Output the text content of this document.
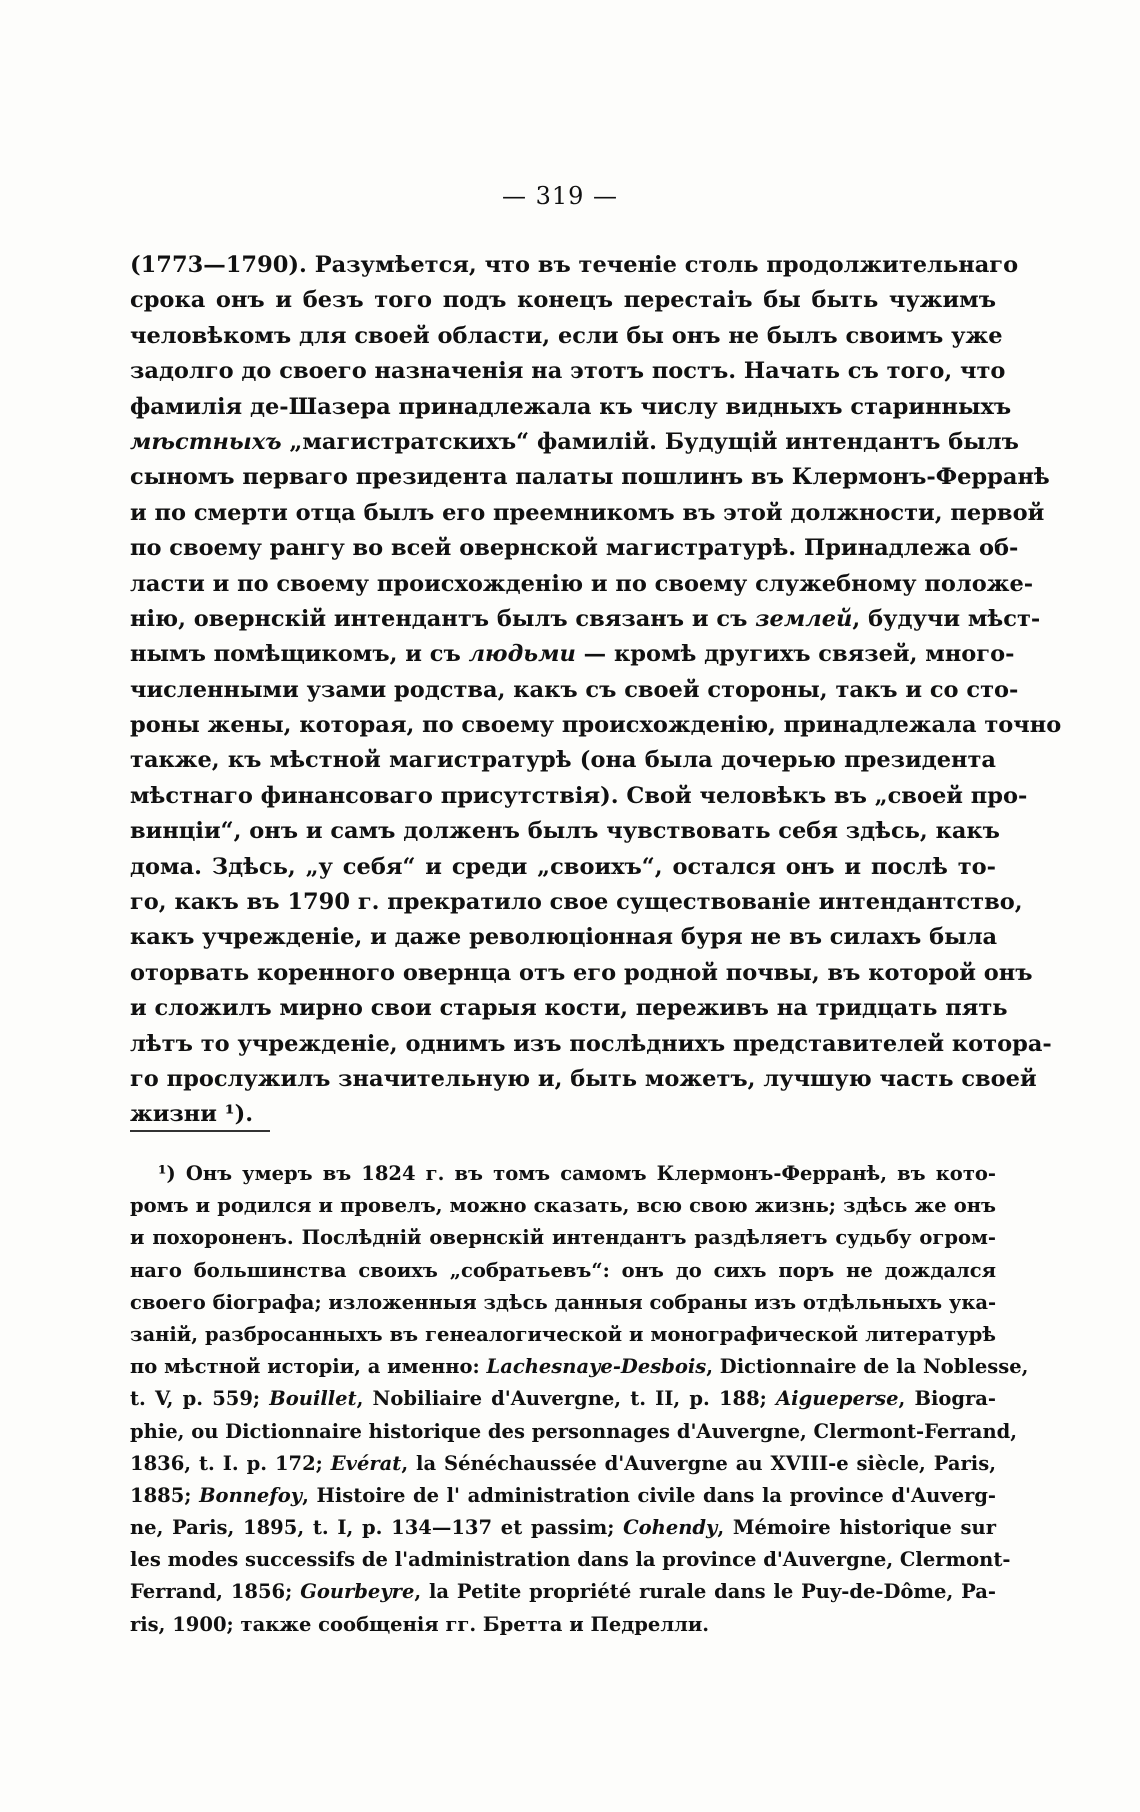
— 319 —
(1773—1790). Разумѣется, что въ теченіе столь продолжительнаго
срока онъ и безъ того подъ конецъ перестаіъ бы быть чужимъ
человѣкомъ для своей области, если бы онъ не былъ своимъ уже
задолго до своего назначенія на этотъ постъ. Начать съ того, что
фамилія де-Шазера принадлежала къ числу видныхъ старинныхъ
мѣстныхъ „магистратскихъ“ фамилій. Будущій интендантъ былъ
сыномъ перваго президента палаты пошлинъ въ Клермонъ-Ферранѣ
и по смерти отца былъ его преемникомъ въ этой должности, первой
по своему рангу во всей овернской магистратурѣ. Принадлежа об-
ласти и по своему происхожденію и по своему служебному положе-
нію, овернскій интендантъ былъ связанъ и съ землей, будучи мѣст-
нымъ помѣщикомъ, и съ людьми — кромѣ другихъ связей, много-
численными узами родства, какъ съ своей стороны, такъ и со сто-
роны жены, которая, по своему происхожденію, принадлежала точно
также, къ мѣстной магистратурѣ (она была дочерью президента
мѣстнаго финансоваго присутствія). Свой человѣкъ въ „своей про-
винціи“, онъ и самъ долженъ былъ чувствовать себя здѣсь, какъ
дома. Здѣсь, „у себя“ и среди „своихъ“, остался онъ и послѣ то-
го, какъ въ 1790 г. прекратило свое существованіе интендантство,
какъ учрежденіе, и даже революціонная буря не въ силахъ была
оторвать коренного овернца отъ его родной почвы, въ которой онъ
и сложилъ мирно свои старыя кости, переживъ на тридцать пять
лѣтъ то учрежденіе, однимъ изъ послѣднихъ представителей котора-
го прослужилъ значительную и, быть можетъ, лучшую часть своей
жизни ¹).
¹) Онъ умеръ въ 1824 г. въ томъ самомъ Клермонъ-Ферранѣ, въ кото-
ромъ и родился и провелъ, можно сказать, всю свою жизнь; здѣсь же онъ
и похороненъ. Послѣдній овернскій интендантъ раздѣляетъ судьбу огром-
наго большинства своихъ „собратьевъ“: онъ до сихъ поръ не дождался
своего біографа; изложенныя здѣсь данныя собраны изъ отдѣльныхъ ука-
заній, разбросанныхъ въ генеалогической и монографической литературѣ
по мѣстной исторіи, а именно: Lachesnaye-Desbois, Dictionnaire de la Noblesse,
t. V, p. 559; Bouillet, Nobiliaire d'Auvergne, t. II, p. 188; Aigueperse, Biogra-
phie, ou Dictionnaire historique des personnages d'Auvergne, Clermont-Ferrand,
1836, t. I. p. 172; Evérat, la Sénéchaussée d'Auvergne au XVIII-e siècle, Paris,
1885; Bonnefoy, Histoire de l' administration civile dans la province d'Auverg-
ne, Paris, 1895, t. I, p. 134—137 et passim; Cohendy, Mémoire historique sur
les modes successifs de l'administration dans la province d'Auvergne, Clermont-
Ferrand, 1856; Gourbeyre, la Petite propriété rurale dans le Puy-de-Dôme, Pa-
ris, 1900; также сообщенія гг. Бретта и Педрелли.
